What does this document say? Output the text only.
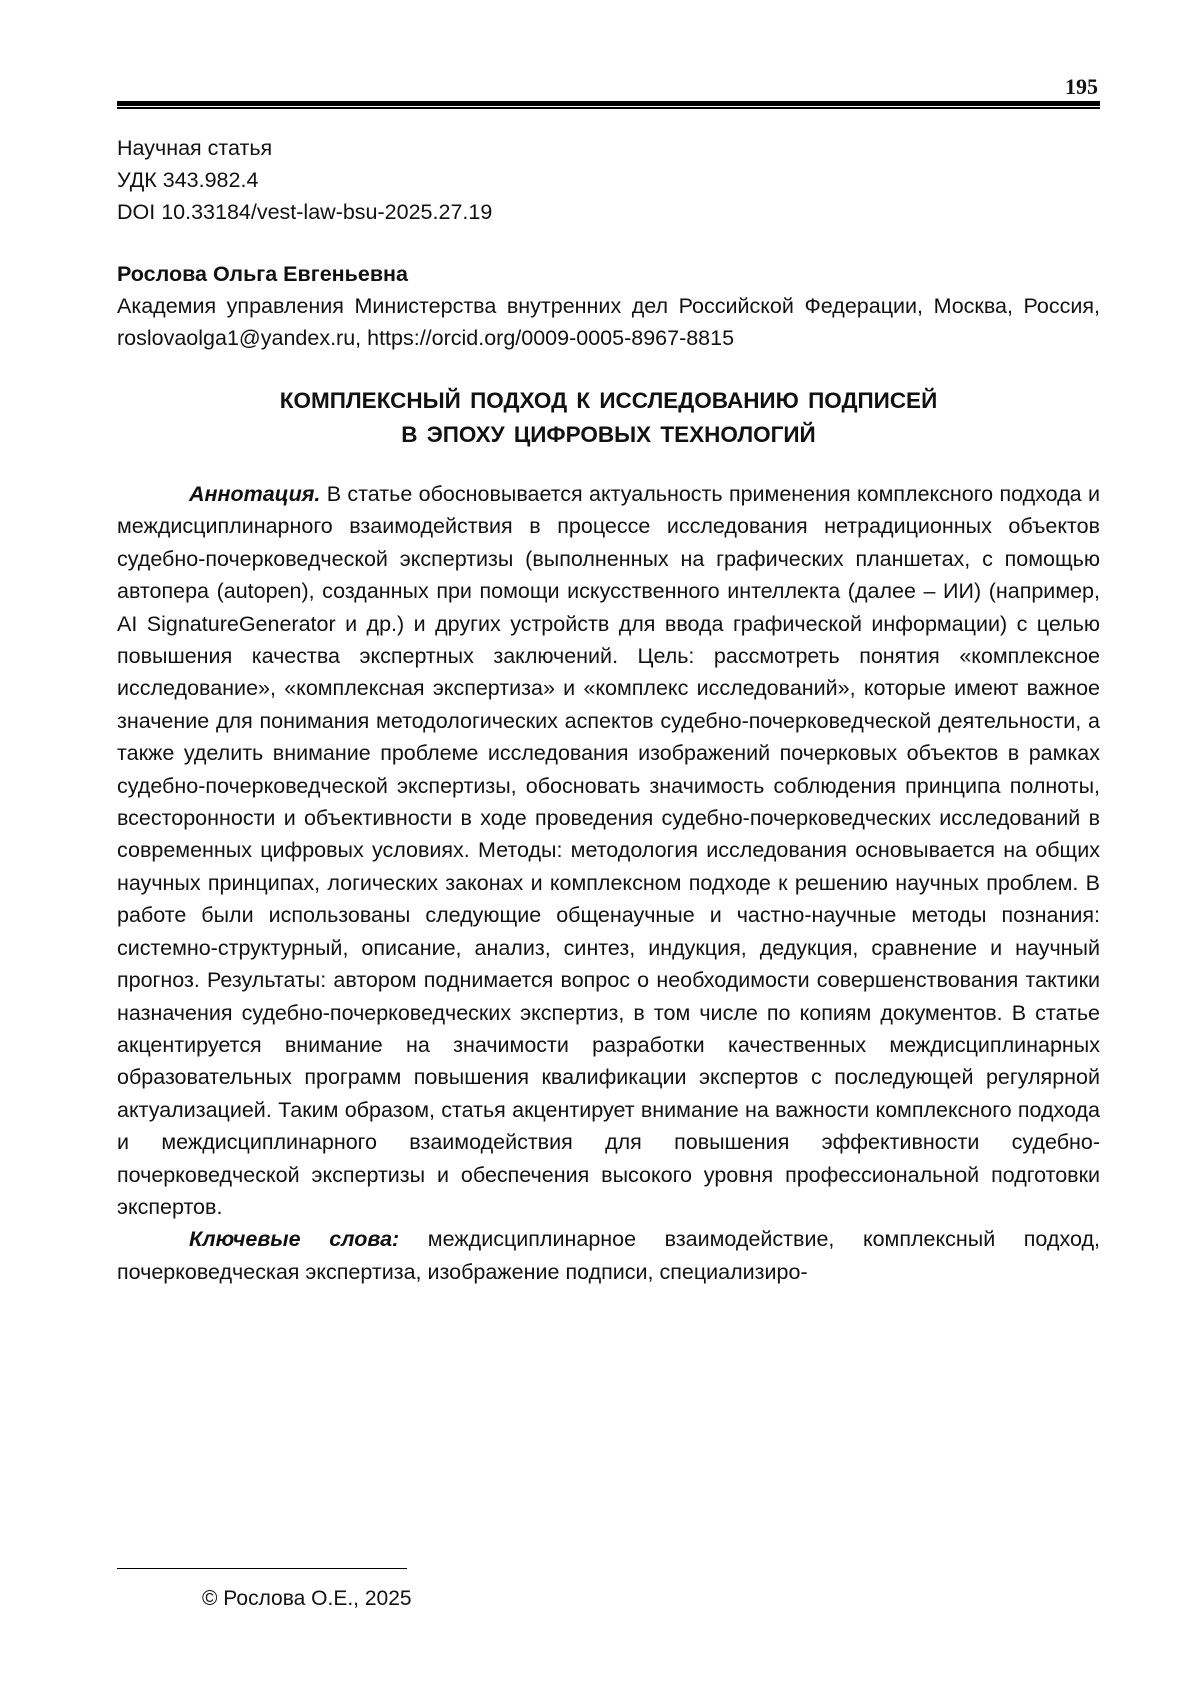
195
Научная статья
УДК 343.982.4
DOI 10.33184/vest-law-bsu-2025.27.19
Рослова Ольга Евгеньевна
Академия управления Министерства внутренних дел Российской Федерации, Москва, Россия, roslovaolga1@yandex.ru, https://orcid.org/0009-0005-8967-8815
КОМПЛЕКСНЫЙ ПОДХОД К ИССЛЕДОВАНИЮ ПОДПИСЕЙ
В ЭПОХУ ЦИФРОВЫХ ТЕХНОЛОГИЙ

Аннотация. В статье обосновывается актуальность применения комплексного подхода и междисциплинарного взаимодействия в процессе исследования нетрадиционных объектов судебно-почерковедческой экспертизы (выполненных на графических планшетах, с помощью автопера (autopen), созданных при помощи искусственного интеллекта (далее – ИИ) (например, AI SignatureGenerator и др.) и других устройств для ввода графической информации) с целью повышения качества экспертных заключений. Цель: рассмотреть понятия «комплексное исследование», «комплексная экспертиза» и «комплекс исследований», которые имеют важное значение для понимания методологических аспектов судебно-почерковедческой деятельности, а также уделить внимание проблеме исследования изображений почерковых объектов в рамках судебно-почерковедческой экспертизы, обосновать значимость соблюдения принципа полноты, всесторонности и объективности в ходе проведения судебно-почерковедческих исследований в современных цифровых условиях. Методы: методология исследования основывается на общих научных принципах, логических законах и комплексном подходе к решению научных проблем. В работе были использованы следующие общенаучные и частно-научные методы познания: системно-структурный, описание, анализ, синтез, индукция, дедукция, сравнение и научный прогноз. Результаты: автором поднимается вопрос о необходимости совершенствования тактики назначения судебно-почерковедческих экспертиз, в том числе по копиям документов. В статье акцентируется внимание на значимости разработки качественных междисциплинарных образовательных программ повышения квалификации экспертов с последующей регулярной актуализацией. Таким образом, статья акцентирует внимание на важности комплексного подхода и междисциплинарного взаимодействия для повышения эффективности судебно-почерковедческой экспертизы и обеспечения высокого уровня профессиональной подготовки экспертов.

Ключевые слова: междисциплинарное взаимодействие, комплексный подход, почерковедческая экспертиза, изображение подписи, специализиро-

© Рослова О.Е., 2025
